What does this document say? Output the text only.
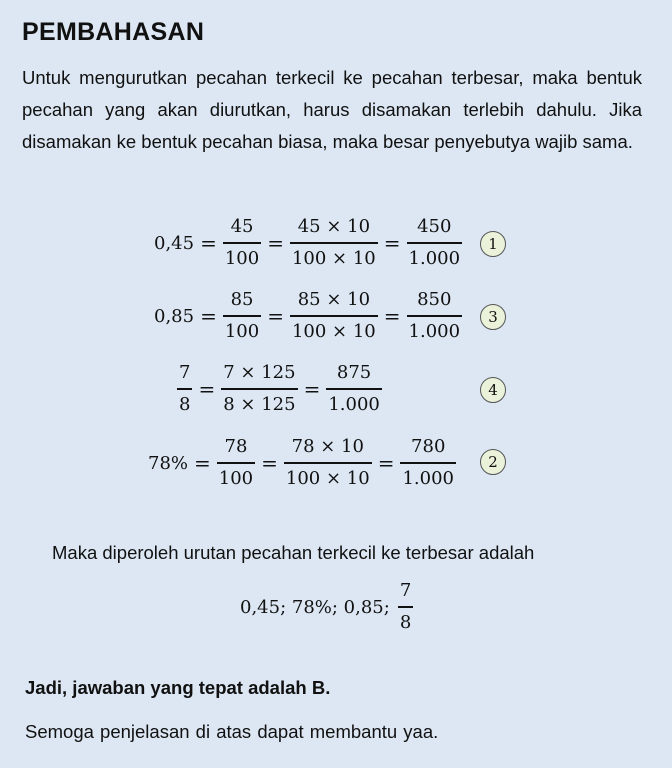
PEMBAHASAN
Untuk mengurutkan pecahan terkecil ke pecahan terbesar, maka bentuk pecahan yang akan diurutkan, harus disamakan terlebih dahulu. Jika disamakan ke bentuk pecahan biasa, maka besar penyebutya wajib sama.
$0,45 = \frac{45}{100} = \frac{45 \times 10}{100 \times 10} = \frac{450}{1.000}$	1
$0,85 = \frac{85}{100} = \frac{85 \times 10}{100 \times 10} = \frac{850}{1.000}$	3
$\frac{7}{8} = \frac{7 \times 125}{8 \times 125} = \frac{875}{1.000}$	4
$78\% = \frac{78}{100} = \frac{78 \times 10}{100 \times 10} = \frac{780}{1.000}$	2
Maka diperoleh urutan pecahan terkecil ke terbesar adalah
0,45; 78%; 0,85; $\frac{7}{8}$
Jadi, jawaban yang tepat adalah B.
Semoga penjelasan di atas dapat membantu yaa.
